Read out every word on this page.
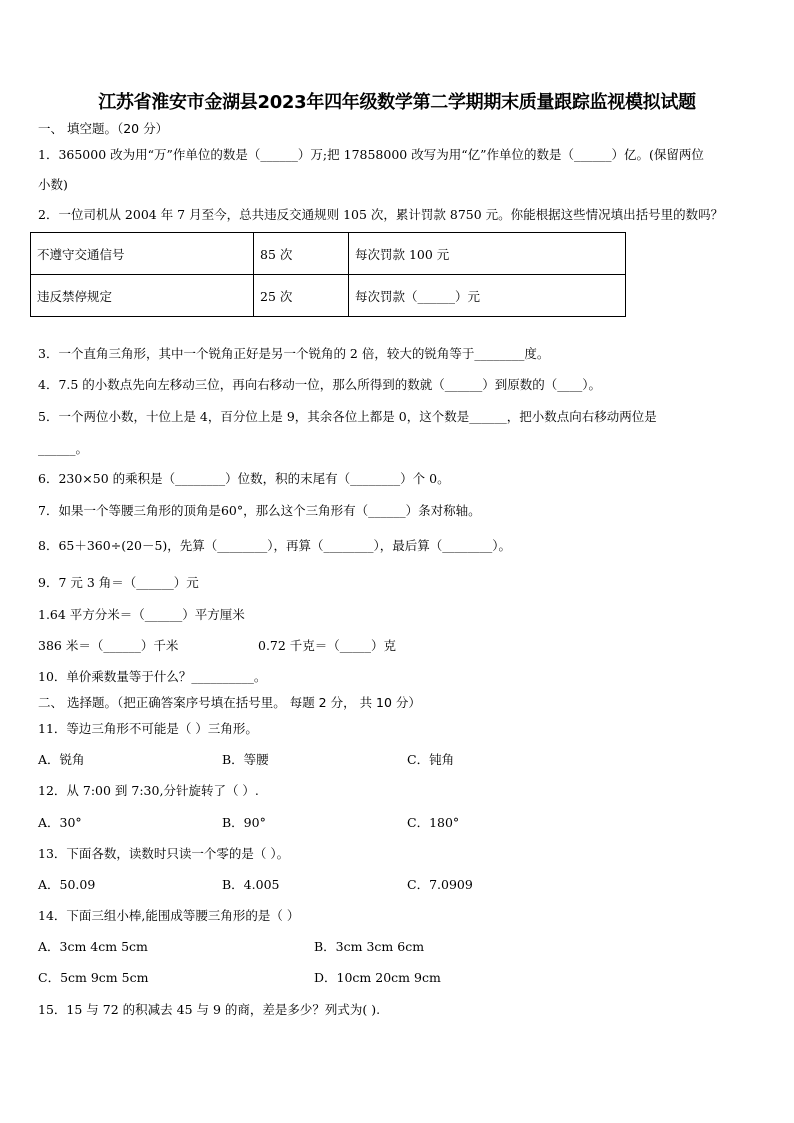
江苏省淮安市金湖县2023年四年级数学第二学期期末质量跟踪监视模拟试题
一、 填空题。（20 分）
1．365000 改为用“万”作单位的数是（______）万;把 17858000 改写为用“亿”作单位的数是（______）亿。(保留两位
小数)
2．一位司机从 2004 年 7 月至今，总共违反交通规则 105 次，累计罚款 8750 元。你能根据这些情况填出括号里的数吗？
不遵守交通信号	85 次	每次罚款 100 元
违反禁停规定	25 次	每次罚款（______）元
3．一个直角三角形，其中一个锐角正好是另一个锐角的 2 倍，较大的锐角等于________度。
4．7.5 的小数点先向左移动三位，再向右移动一位，那么所得到的数就（______）到原数的（____）。
5．一个两位小数，十位上是 4，百分位上是 9，其余各位上都是 0，这个数是______，把小数点向右移动两位是
______。
6．230×50 的乘积是（________）位数，积的末尾有（________）个 0。
7．如果一个等腰三角形的顶角是60°，那么这个三角形有（______）条对称轴。
8．65＋360÷(20－5)，先算（________），再算（________），最后算（________）。
9．7 元 3 角＝（______）元
1.64 平方分米＝（______）平方厘米
386 米＝（______）千米	0.72 千克＝（_____）克
10．单价乘数量等于什么？__________。
二、 选择题。（把正确答案序号填在括号里。 每题 2 分， 共 10 分）
11．等边三角形不可能是（ ）三角形。
A．锐角	B．等腰	C．钝角
12．从 7:00 到 7:30,分针旋转了（ ）.
A．30°	B．90°	C．180°
13．下面各数，读数时只读一个零的是（ ）。
A．50.09	B．4.005	C．7.0909
14．下面三组小棒,能围成等腰三角形的是（ ）
A．3cm 4cm 5cm	B．3cm 3cm 6cm
C．5cm 9cm 5cm	D．10cm 20cm 9cm
15．15 与 72 的积减去 45 与 9 的商，差是多少？列式为( ).
